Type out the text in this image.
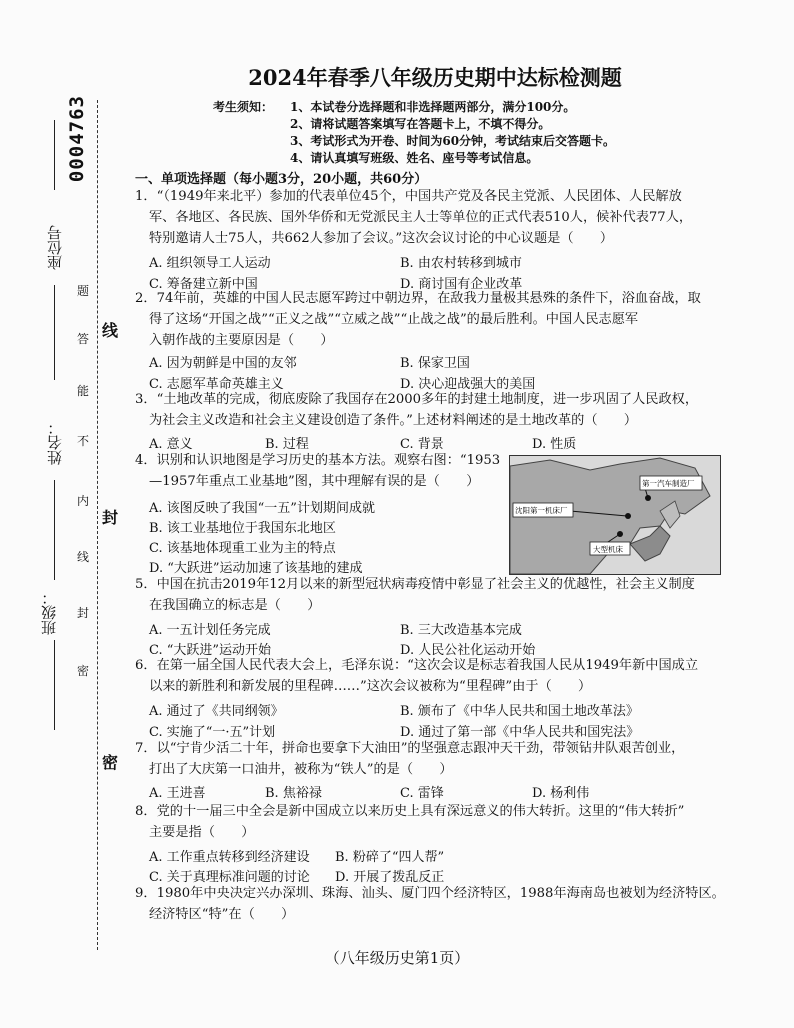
0004763
座位号
姓名：
班级：
题
答
能
不
内
线
封
密
线
封
密
2024年春季八年级历史期中达标检测题
考生须知： 1、本试卷分选择题和非选择题两部分，满分100分。
2、请将试题答案填写在答题卡上，不填不得分。
3、考试形式为开卷、时间为60分钟，考试结束后交答题卡。
4、请认真填写班级、姓名、座号等考试信息。
一、单项选择题（每小题3分，20小题，共60分）
1．“（1949年来北平）参加的代表单位45个，中国共产党及各民主党派、人民团体、人民解放
军、各地区、各民族、国外华侨和无党派民主人士等单位的正式代表510人，候补代表77人，
特别邀请人士75人，共662人参加了会议。”这次会议讨论的中心议题是（　　）
A. 组织领导工人运动	B. 由农村转移到城市
C. 筹备建立新中国	D. 商讨国有企业改革
2．74年前，英雄的中国人民志愿军跨过中朝边界，在敌我力量极其悬殊的条件下，浴血奋战，取
得了这场“开国之战”“正义之战”“立威之战”“止战之战”的最后胜利。中国人民志愿军
入朝作战的主要原因是（　　）
A. 因为朝鲜是中国的友邻	B. 保家卫国
C. 志愿军革命英雄主义	D. 决心迎战强大的美国
3．“土地改革的完成，彻底废除了我国存在2000多年的封建土地制度，进一步巩固了人民政权，
为社会主义改造和社会主义建设创造了条件。”上述材料阐述的是土地改革的（　　）
A. 意义	B. 过程	C. 背景	D. 性质
4．识别和认识地图是学习历史的基本方法。观察右图：“1953
—1957年重点工业基地”图，其中理解有误的是（　　）
A. 该图反映了我国“一五”计划期间成就
B. 该工业基地位于我国东北地区
C. 该基地体现重工业为主的特点
D. “大跃进”运动加速了该基地的建成
沈阳第一机床厂
第一汽车制造厂
大型机床
5．中国在抗击2019年12月以来的新型冠状病毒疫情中彰显了社会主义的优越性，社会主义制度
在我国确立的标志是（　　）
A. 一五计划任务完成	B. 三大改造基本完成
C. “大跃进”运动开始	D. 人民公社化运动开始
6．在第一届全国人民代表大会上，毛泽东说：“这次会议是标志着我国人民从1949年新中国成立
以来的新胜利和新发展的里程碑……”这次会议被称为“里程碑”由于（　　）
A. 通过了《共同纲领》	B. 颁布了《中华人民共和国土地改革法》
C. 实施了“一·五”计划	D. 通过了第一部《中华人民共和国宪法》
7．以“宁肯少活二十年，拼命也要拿下大油田”的坚强意志跟冲天干劲，带领钻井队艰苦创业，
打出了大庆第一口油井，被称为“铁人”的是（　　）
A. 王进喜	B. 焦裕禄	C. 雷锋	D. 杨利伟
8．党的十一届三中全会是新中国成立以来历史上具有深远意义的伟大转折。这里的“伟大转折”
主要是指（　　）
A. 工作重点转移到经济建设 B. 粉碎了“四人帮”
C. 关于真理标准问题的讨论 D. 开展了拨乱反正
9．1980年中央决定兴办深圳、珠海、汕头、厦门四个经济特区，1988年海南岛也被划为经济特区。
经济特区“特”在（　　）
（八年级历史第1页）
